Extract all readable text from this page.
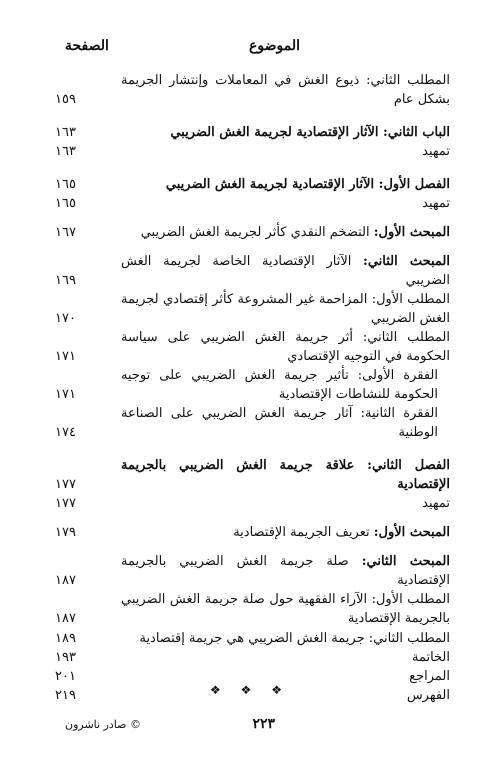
الموضوع
الصفحة
المطلب الثاني: ذيوع الغش في المعاملات وإنتشار الجريمة بشكل عام
١٥٩
الباب الثاني: الآثار الإقتصادية لجريمة الغش الضريبي
١٦٣
تمهيد
١٦٣
الفصل الأول: الآثار الإقتصادية لجريمة الغش الضريبي
١٦٥
تمهيد
١٦٥
المبحث الأول: التضخم النقدي كأثر لجريمة الغش الضريبي
١٦٧
المبحث الثاني: الآثار الإقتصادية الخاصة لجريمة الغش الضريبي
١٦٩
المطلب الأول: المزاحمة غير المشروعة كأثر إقتصادي لجريمة الغش الضريبي
١٧٠
المطلب الثاني: أثر جريمة الغش الضريبي على سياسة الحكومة في التوجيه الإقتصادي
١٧١
الفقرة الأولى: تأثير جريمة الغش الضريبي على توجيه الحكومة للنشاطات الإقتصادية
١٧١
الفقرة الثانية: آثار جريمة الغش الضريبي على الصناعة الوطنية
١٧٤
الفصل الثاني: علاقة جريمة الغش الضريبي بالجريمة الإقتصادية
١٧٧
تمهيد
١٧٧
المبحث الأول: تعريف الجريمة الإقتصادية
١٧٩
المبحث الثاني: صلة جريمة الغش الضريبي بالجريمة الإقتصادية
١٨٧
المطلب الأول: الآراء الفقهية حول صلة جريمة الغش الضريبي بالجريمة الإقتصادية
١٨٧
المطلب الثاني: جريمة الغش الضريبي هي جريمة إقتصادية
١٨٩
الخاتمة
١٩٣
المراجع
٢٠١
الفهرس
٢١٩	❖ ❖ ❖
٢٢٣
© صادر ناشرون
